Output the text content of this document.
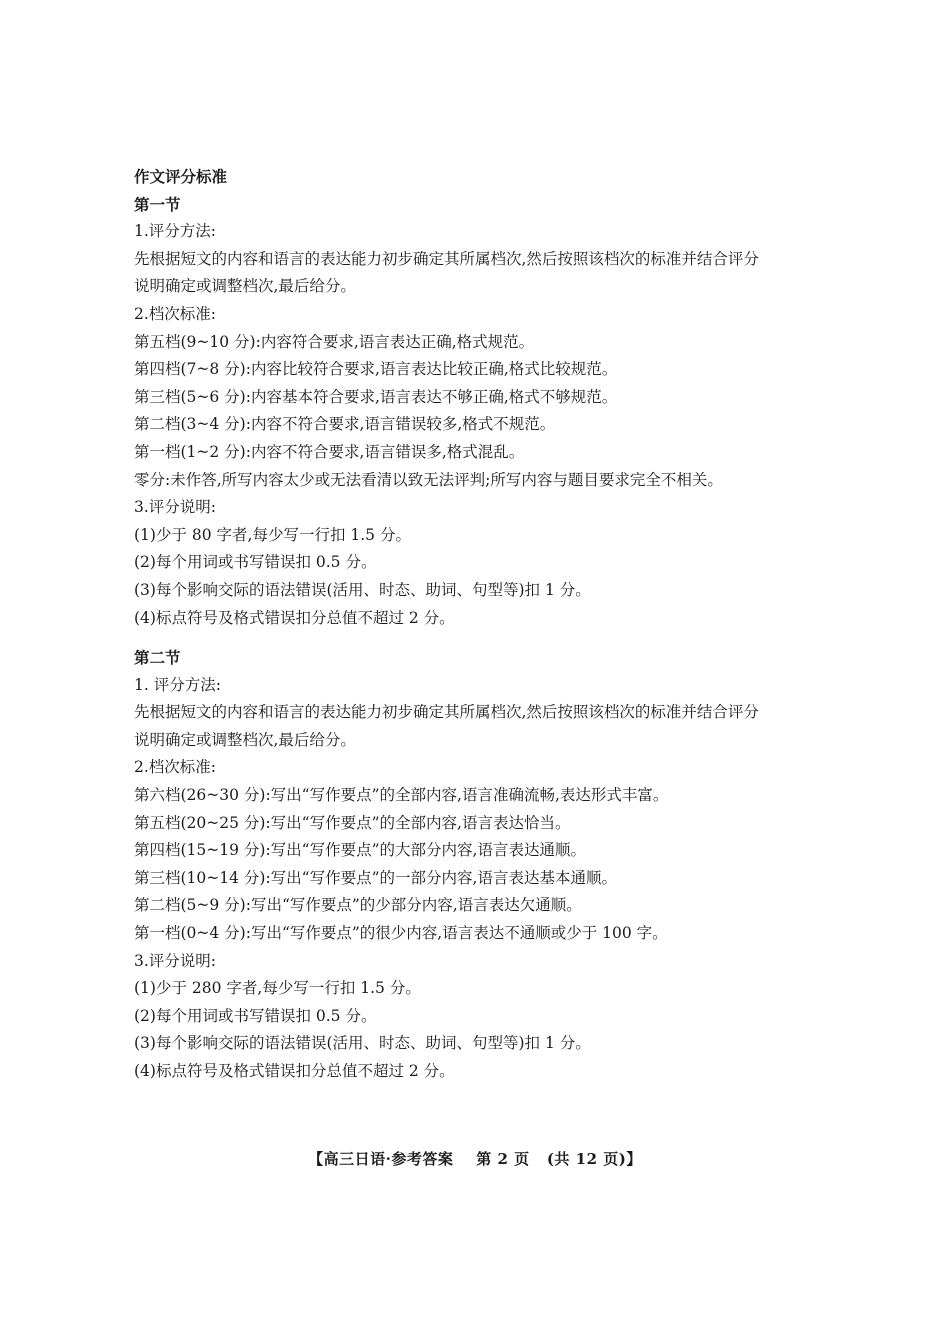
作文评分标准
第一节
1.评分方法:
先根据短文的内容和语言的表达能力初步确定其所属档次,然后按照该档次的标准并结合评分
说明确定或调整档次,最后给分。
2.档次标准:
第五档(9~10 分):内容符合要求,语言表达正确,格式规范。
第四档(7~8 分):内容比较符合要求,语言表达比较正确,格式比较规范。
第三档(5~6 分):内容基本符合要求,语言表达不够正确,格式不够规范。
第二档(3~4 分):内容不符合要求,语言错误较多,格式不规范。
第一档(1~2 分):内容不符合要求,语言错误多,格式混乱。
零分:未作答,所写内容太少或无法看清以致无法评判;所写内容与题目要求完全不相关。
3.评分说明:
(1)少于 80 字者,每少写一行扣 1.5 分。
(2)每个用词或书写错误扣 0.5 分。
(3)每个影响交际的语法错误(活用、时态、助词、句型等)扣 1 分。
(4)标点符号及格式错误扣分总值不超过 2 分。
第二节
1. 评分方法:
先根据短文的内容和语言的表达能力初步确定其所属档次,然后按照该档次的标准并结合评分
说明确定或调整档次,最后给分。
2.档次标准:
第六档(26~30 分):写出“写作要点”的全部内容,语言准确流畅,表达形式丰富。
第五档(20~25 分):写出“写作要点”的全部内容,语言表达恰当。
第四档(15~19 分):写出“写作要点”的大部分内容,语言表达通顺。
第三档(10~14 分):写出“写作要点”的一部分内容,语言表达基本通顺。
第二档(5~9 分):写出“写作要点”的少部分内容,语言表达欠通顺。
第一档(0~4 分):写出“写作要点”的很少内容,语言表达不通顺或少于 100 字。
3.评分说明:
(1)少于 280 字者,每少写一行扣 1.5 分。
(2)每个用词或书写错误扣 0.5 分。
(3)每个影响交际的语法错误(活用、时态、助词、句型等)扣 1 分。
(4)标点符号及格式错误扣分总值不超过 2 分。
【高三日语·参考答案    第 2 页   (共 12 页)】
